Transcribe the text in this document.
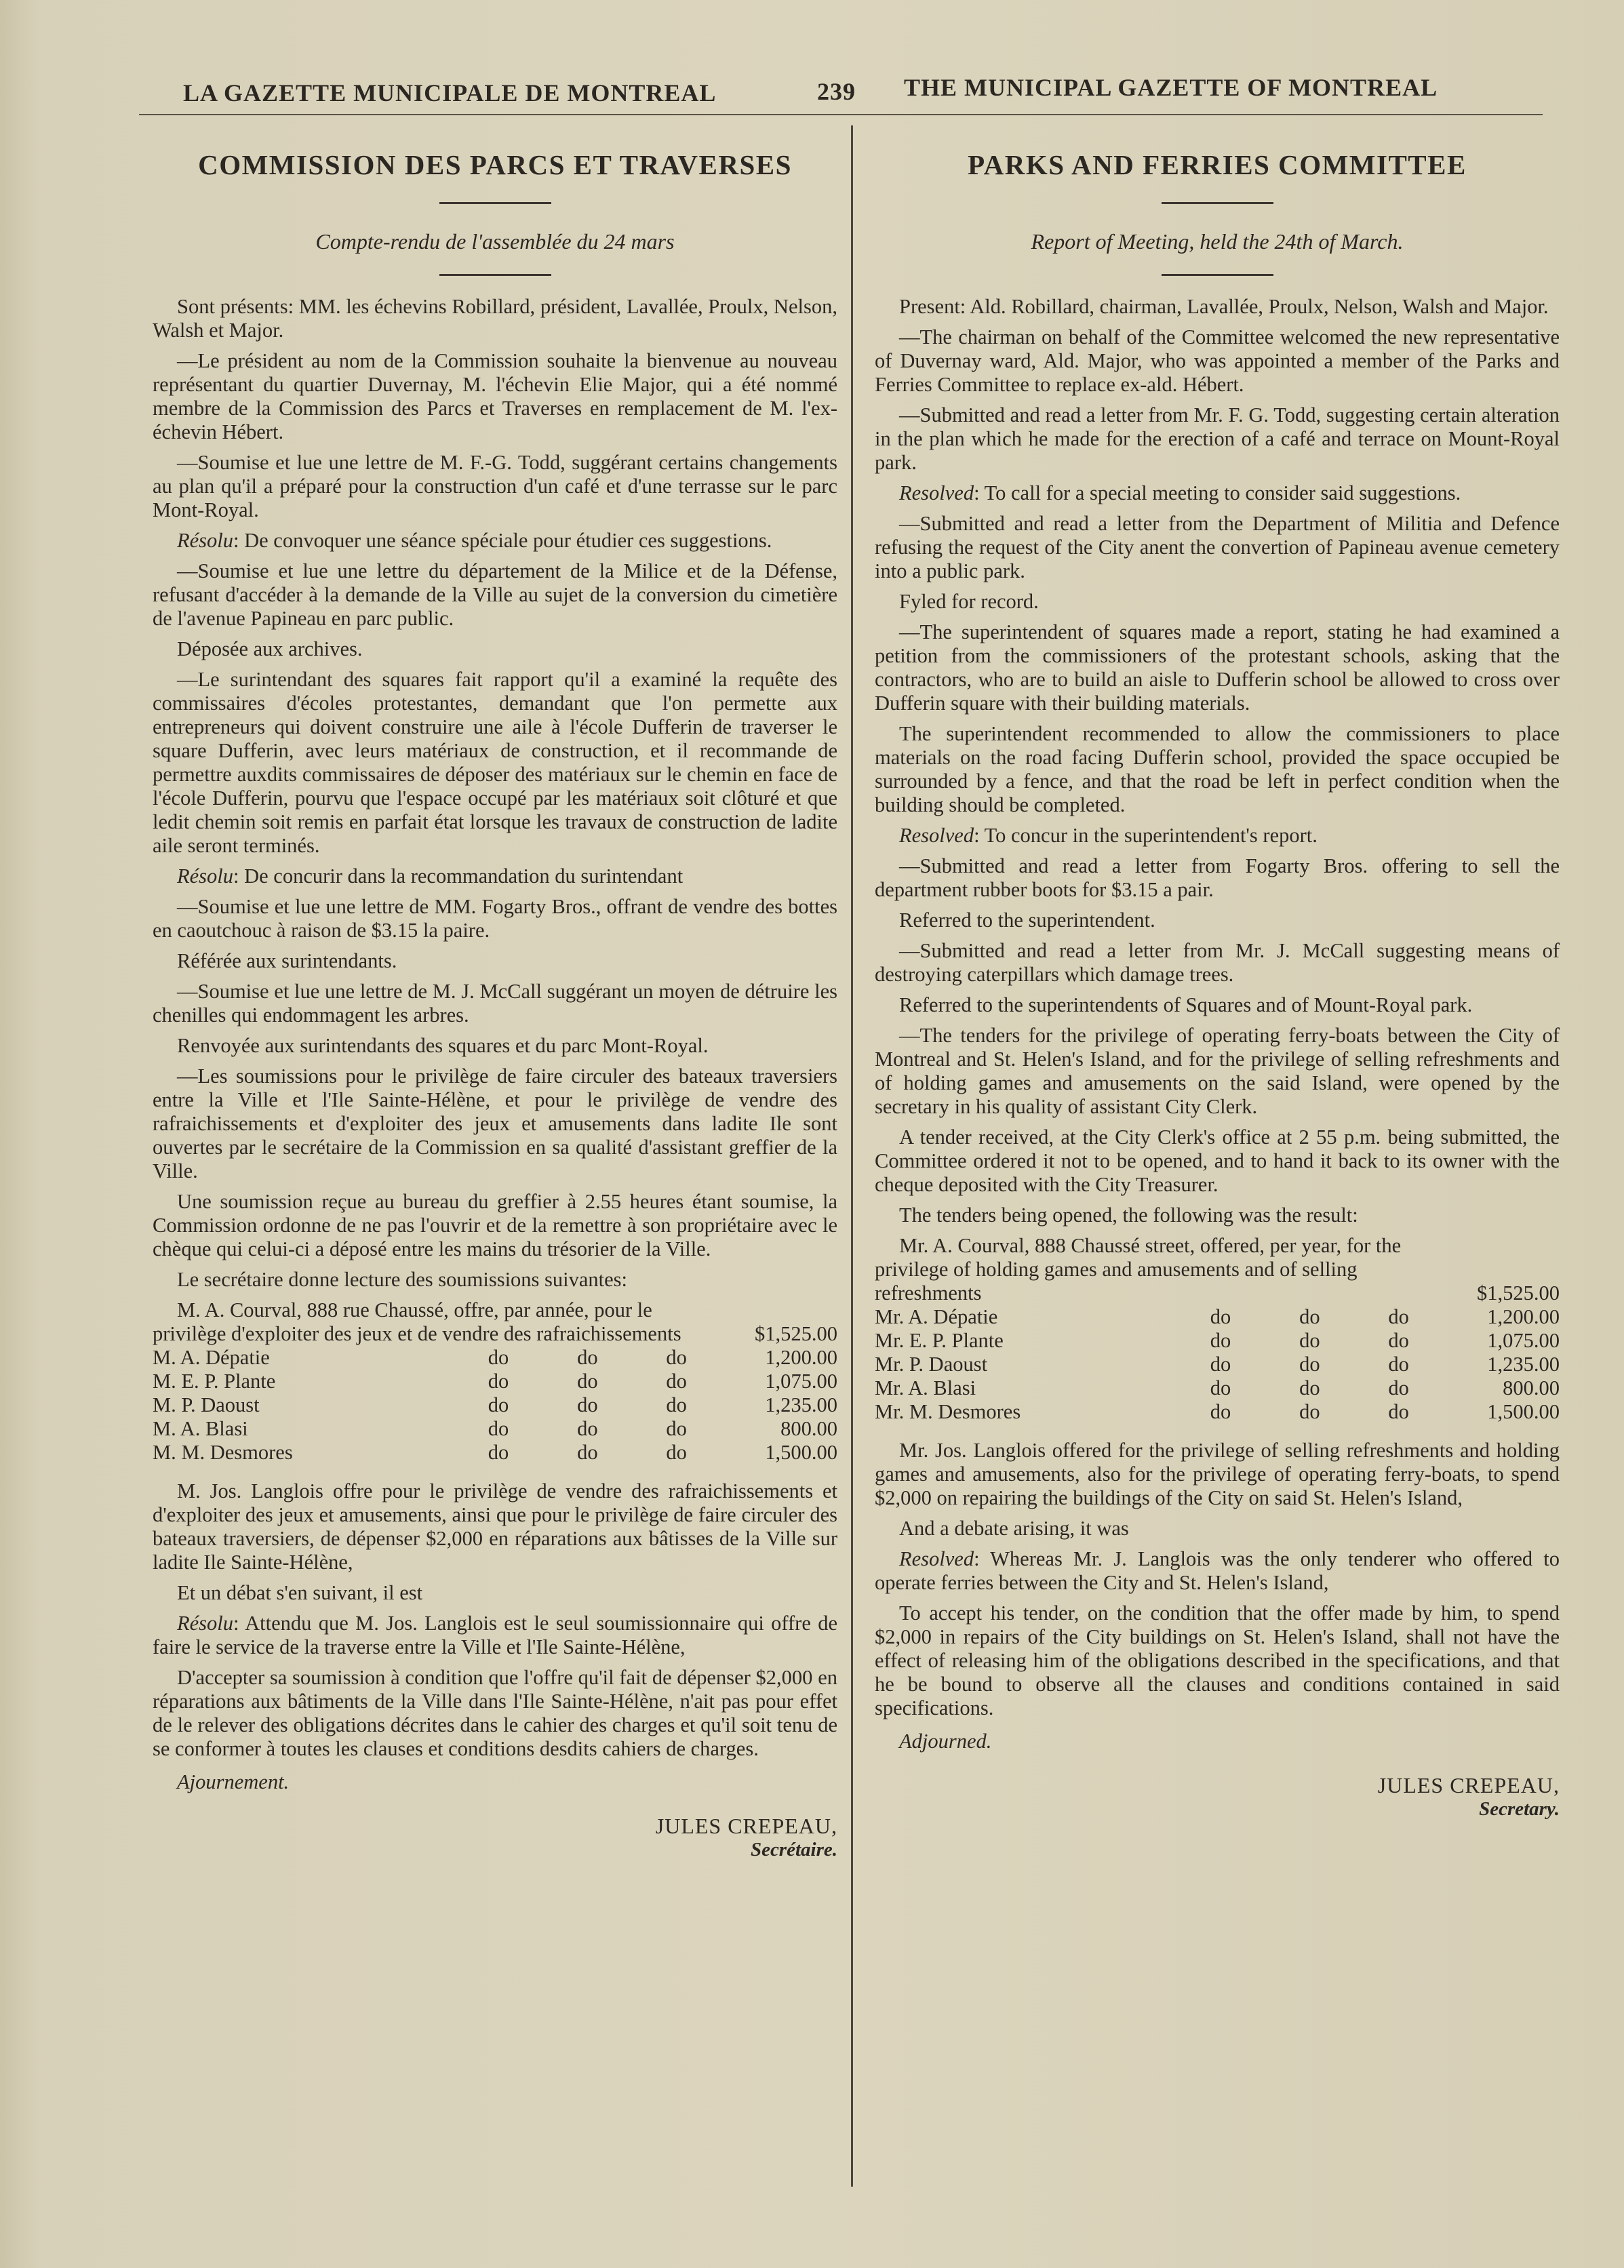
LA GAZETTE MUNICIPALE DE MONTREAL	239 THE MUNICIPAL GAZETTE OF MONTREAL
COMMISSION DES PARCS ET TRAVERSES
Compte-rendu de l'assemblée du 24 mars

Sont présents: MM. les échevins Robillard, président, Lavallée, Proulx, Nelson, Walsh et Major.

—Le président au nom de la Commission souhaite la bienvenue au nouveau représentant du quartier Duvernay, M. l'échevin Elie Major, qui a été nommé membre de la Commission des Parcs et Traverses en remplacement de M. l'ex-échevin Hébert.

—Soumise et lue une lettre de M. F.-G. Todd, suggérant certains changements au plan qu'il a préparé pour la construction d'un café et d'une terrasse sur le parc Mont-Royal.

Résolu: De convoquer une séance spéciale pour étudier ces suggestions.

—Soumise et lue une lettre du département de la Milice et de la Défense, refusant d'accéder à la demande de la Ville au sujet de la conversion du cimetière de l'avenue Papineau en parc public.

Déposée aux archives.

—Le surintendant des squares fait rapport qu'il a examiné la requête des commissaires d'écoles protestantes, demandant que l'on permette aux entrepreneurs qui doivent construire une aile à l'école Dufferin de traverser le square Dufferin, avec leurs matériaux de construction, et il recommande de permettre auxdits commissaires de déposer des matériaux sur le chemin en face de l'école Dufferin, pourvu que l'espace occupé par les matériaux soit clôturé et que ledit chemin soit remis en parfait état lorsque les travaux de construction de ladite aile seront terminés.

Résolu: De concurir dans la recommandation du surintendant

—Soumise et lue une lettre de MM. Fogarty Bros., offrant de vendre des bottes en caoutchouc à raison de $3.15 la paire.

Référée aux surintendants.

—Soumise et lue une lettre de M. J. McCall suggérant un moyen de détruire les chenilles qui endommagent les arbres.

Renvoyée aux surintendants des squares et du parc Mont-Royal.

—Les soumissions pour le privilège de faire circuler des bateaux traversiers entre la Ville et l'Ile Sainte-Hélène, et pour le privilège de vendre des rafraichissements et d'exploiter des jeux et amusements dans ladite Ile sont ouvertes par le secrétaire de la Commission en sa qualité d'assistant greffier de la Ville.

Une soumission reçue au bureau du greffier à 2.55 heures étant soumise, la Commission ordonne de ne pas l'ouvrir et de la remettre à son propriétaire avec le chèque qui celui-ci a déposé entre les mains du trésorier de la Ville.

Le secrétaire donne lecture des soumissions suivantes:

M. A. Courval, 888 rue Chaussé, offre, par année, pour le privilège d'exploiter des jeux et de vendre des rafraichissements				$1,525.00
M. A. Dépatie	do	do	do	1,200.00
M. E. P. Plante	do	do	do	1,075.00
M. P. Daoust	do	do	do	1,235.00
M. A. Blasi	do	do	do	800.00
M. M. Desmores	do	do	do	1,500.00

M. Jos. Langlois offre pour le privilège de vendre des rafraichissements et d'exploiter des jeux et amusements, ainsi que pour le privilège de faire circuler des bateaux traversiers, de dépenser $2,000 en réparations aux bâtisses de la Ville sur ladite Ile Sainte-Hélène,

Et un débat s'en suivant, il est

Résolu: Attendu que M. Jos. Langlois est le seul soumissionnaire qui offre de faire le service de la traverse entre la Ville et l'Ile Sainte-Hélène,

D'accepter sa soumission à condition que l'offre qu'il fait de dépenser $2,000 en réparations aux bâtiments de la Ville dans l'Ile Sainte-Hélène, n'ait pas pour effet de le relever des obligations décrites dans le cahier des charges et qu'il soit tenu de se conformer à toutes les clauses et conditions desdits cahiers de charges.

Ajournement.

JULES CREPEAU,
Secrétaire.
PARKS AND FERRIES COMMITTEE
Report of Meeting, held the 24th of March.

Present: Ald. Robillard, chairman, Lavallée, Proulx, Nelson, Walsh and Major.

—The chairman on behalf of the Committee welcomed the new representative of Duvernay ward, Ald. Major, who was appointed a member of the Parks and Ferries Committee to replace ex-ald. Hébert.

—Submitted and read a letter from Mr. F. G. Todd, suggesting certain alteration in the plan which he made for the erection of a café and terrace on Mount-Royal park.

Resolved: To call for a special meeting to consider said suggestions.

—Submitted and read a letter from the Department of Militia and Defence refusing the request of the City anent the convertion of Papineau avenue cemetery into a public park.

Fyled for record.

—The superintendent of squares made a report, stating he had examined a petition from the commissioners of the protestant schools, asking that the contractors, who are to build an aisle to Dufferin school be allowed to cross over Dufferin square with their building materials.

The superintendent recommended to allow the commissioners to place materials on the road facing Dufferin school, provided the space occupied be surrounded by a fence, and that the road be left in perfect condition when the building should be completed.

Resolved: To concur in the superintendent's report.

—Submitted and read a letter from Fogarty Bros. offering to sell the department rubber boots for $3.15 a pair.

Referred to the superintendent.

—Submitted and read a letter from Mr. J. McCall suggesting means of destroying caterpillars which damage trees.

Referred to the superintendents of Squares and of Mount-Royal park.

—The tenders for the privilege of operating ferry-boats between the City of Montreal and St. Helen's Island, and for the privilege of selling refreshments and of holding games and amusements on the said Island, were opened by the secretary in his quality of assistant City Clerk.

A tender received, at the City Clerk's office at 2 55 p.m. being submitted, the Committee ordered it not to be opened, and to hand it back to its owner with the cheque deposited with the City Treasurer.

The tenders being opened, the following was the result:

Mr. A. Courval, 888 Chaussé street, offered, per year, for the privilege of holding games and amusements and of selling refreshments				$1,525.00
Mr. A. Dépatie	do	do	do	1,200.00
Mr. E. P. Plante	do	do	do	1,075.00
Mr. P. Daoust	do	do	do	1,235.00
Mr. A. Blasi	do	do	do	800.00
Mr. M. Desmores	do	do	do	1,500.00

Mr. Jos. Langlois offered for the privilege of selling refreshments and holding games and amusements, also for the privilege of operating ferry-boats, to spend $2,000 on repairing the buildings of the City on said St. Helen's Island,

And a debate arising, it was

Resolved: Whereas Mr. J. Langlois was the only tenderer who offered to operate ferries between the City and St. Helen's Island,

To accept his tender, on the condition that the offer made by him, to spend $2,000 in repairs of the City buildings on St. Helen's Island, shall not have the effect of releasing him of the obligations described in the specifications, and that he be bound to observe all the clauses and conditions contained in said specifications.

Adjourned.

JULES CREPEAU,
Secretary.
